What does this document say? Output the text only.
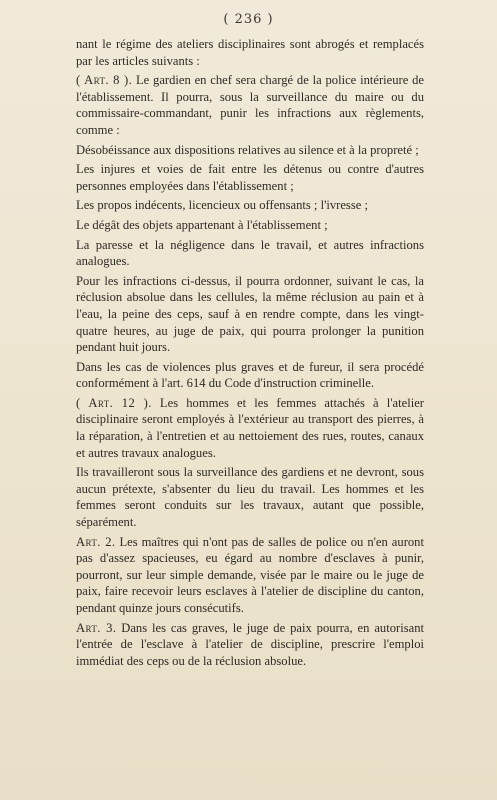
( 236 )

nant le régime des ateliers disciplinaires sont abrogés et remplacés par les articles suivants :

( Art. 8 ). Le gardien en chef sera chargé de la police intérieure de l'établissement. Il pourra, sous la surveillance du maire ou du commissaire-commandant, punir les infractions aux règlements, comme :

Désobéissance aux dispositions relatives au silence et à la propreté ;

Les injures et voies de fait entre les détenus ou contre d'autres personnes employées dans l'établissement ;

Les propos indécents, licencieux ou offensants ; l'ivresse ;

Le dégât des objets appartenant à l'établissement ;

La paresse et la négligence dans le travail, et autres infractions analogues.

Pour les infractions ci-dessus, il pourra ordonner, suivant le cas, la réclusion absolue dans les cellules, la même réclusion au pain et à l'eau, la peine des ceps, sauf à en rendre compte, dans les vingt-quatre heures, au juge de paix, qui pourra prolonger la punition pendant huit jours.

Dans les cas de violences plus graves et de fureur, il sera procédé conformément à l'art. 614 du Code d'instruction criminelle.

( Art. 12 ). Les hommes et les femmes attachés à l'atelier disciplinaire seront employés à l'extérieur au transport des pierres, à la réparation, à l'entretien et au nettoiement des rues, routes, canaux et autres travaux analogues.

Ils travailleront sous la surveillance des gardiens et ne devront, sous aucun prétexte, s'absenter du lieu du travail. Les hommes et les femmes seront conduits sur les travaux, autant que possible, séparément.

Art. 2. Les maîtres qui n'ont pas de salles de police ou n'en auront pas d'assez spacieuses, eu égard au nombre d'esclaves à punir, pourront, sur leur simple demande, visée par le maire ou le juge de paix, faire recevoir leurs esclaves à l'atelier de discipline du canton, pendant quinze jours consécutifs.

Art. 3. Dans les cas graves, le juge de paix pourra, en autorisant l'entrée de l'esclave à l'atelier de discipline, prescrire l'emploi immédiat des ceps ou de la réclusion absolue.
